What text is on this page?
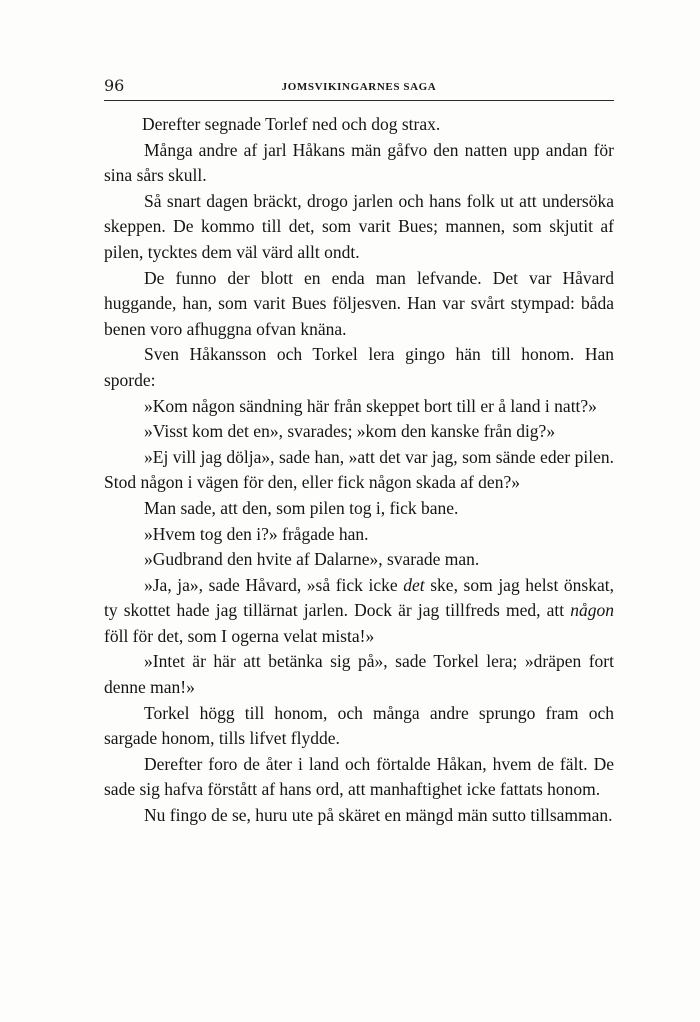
96	JOMSVIKINGARNES SAGA

Derefter segnade Torlef ned och dog strax.

Många andre af jarl Håkans män gåfvo den natten upp andan för sina sårs skull.

Så snart dagen bräckt, drogo jarlen och hans folk ut att undersöka skeppen. De kommo till det, som varit Bues; mannen, som skjutit af pilen, tycktes dem väl värd allt ondt.

De funno der blott en enda man lefvande. Det var Håvard huggande, han, som varit Bues följesven. Han var svårt stympad: båda benen voro afhuggna ofvan knäna.

Sven Håkansson och Torkel lera gingo hän till honom. Han sporde:

»Kom någon sändning här från skeppet bort till er å land i natt?»

»Visst kom det en», svarades; »kom den kanske från dig?»

»Ej vill jag dölja», sade han, »att det var jag, som sände eder pilen. Stod någon i vägen för den, eller fick någon skada af den?»

Man sade, att den, som pilen tog i, fick bane.

»Hvem tog den i?» frågade han.

»Gudbrand den hvite af Dalarne», svarade man.

»Ja, ja», sade Håvard, »så fick icke det ske, som jag helst önskat, ty skottet hade jag tillärnat jarlen. Dock är jag tillfreds med, att någon föll för det, som I ogerna velat mista!»

»Intet är här att betänka sig på», sade Torkel lera; »dräpen fort denne man!»

Torkel högg till honom, och många andre sprungo fram och sargade honom, tills lifvet flydde.

Derefter foro de åter i land och förtalde Håkan, hvem de fält. De sade sig hafva förstått af hans ord, att manhaftighet icke fattats honom.

Nu fingo de se, huru ute på skäret en mängd män sutto tillsamman.
